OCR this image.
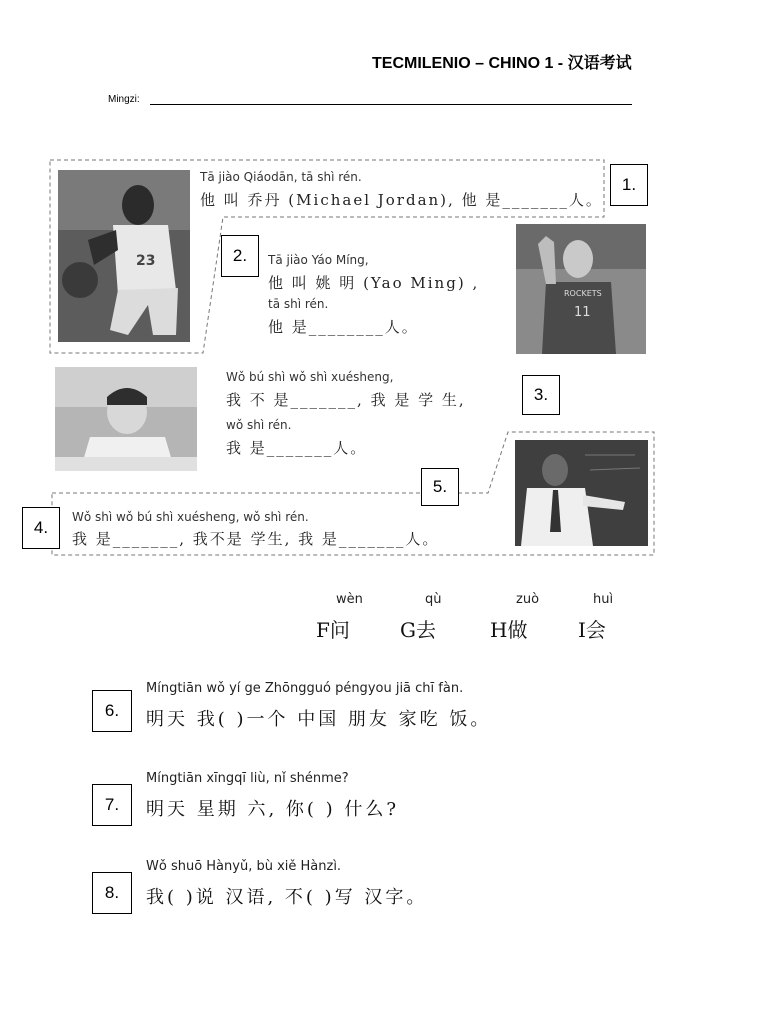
TECMILENIO – CHINO 1 - 汉语考试
Mingzi:
23
Tā jiào Qiáodān, tā shì rén.
他 叫 乔丹 (Michael Jordan), 他 是_______人。
1.
2.	Tā jiào Yáo Míng,
他 叫 姚 明 (Yao Ming) ,
tā shì rén.
他 是________人。
ROCKETS
11
Wǒ bú shì wǒ shì xuésheng,
我 不 是_______, 我 是 学 生,	3.
wǒ shì rén.
我 是_______人。
5.
4.
Wǒ shì wǒ bú shì xuésheng, wǒ shì rén.
我 是_______, 我不是 学生, 我 是_______人。
wèn
F问
qù
G去
zuò
H做
huì
I会
6.
Míngtiān wǒ yí ge Zhōngguó péngyou jiā chī fàn.
明天 我( )一个 中国 朋友 家吃 饭。
7.
Míngtiān xīngqī liù, nǐ shénme?
明天 星期 六, 你( ) 什么?
8.
Wǒ shuō Hànyǔ, bù xiě Hànzì.
我( )说 汉语, 不( )写 汉字。
